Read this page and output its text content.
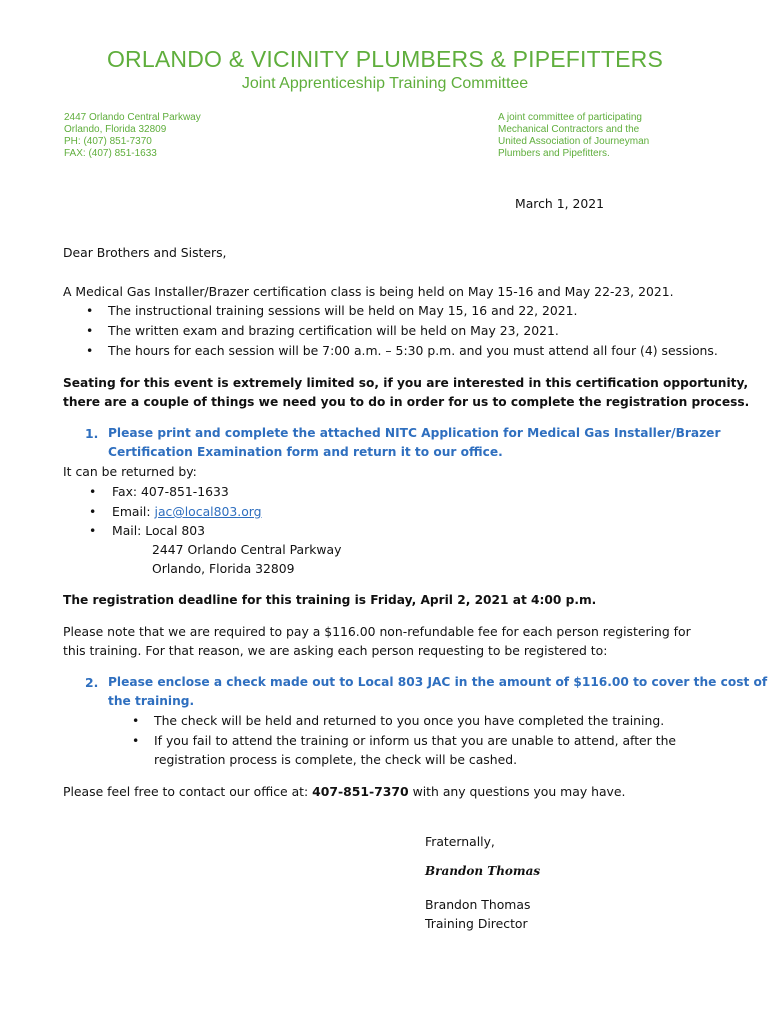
ORLANDO & VICINITY PLUMBERS & PIPEFITTERS
Joint Apprenticeship Training Committee
2447 Orlando Central Parkway
Orlando, Florida 32809
PH: (407) 851-7370
FAX: (407) 851-1633
A joint committee of participating
Mechanical Contractors and the
United Association of Journeyman
Plumbers and Pipefitters.
March 1, 2021
Dear Brothers and Sisters,
A Medical Gas Installer/Brazer certification class is being held on May 15-16 and May 22-23, 2021.
• The instructional training sessions will be held on May 15, 16 and 22, 2021.
• The written exam and brazing certification will be held on May 23, 2021.
• The hours for each session will be 7:00 a.m. – 5:30 p.m. and you must attend all four (4) sessions.
Seating for this event is extremely limited so, if you are interested in this certification opportunity,
there are a couple of things we need you to do in order for us to complete the registration process.
1. Please print and complete the attached NITC Application for Medical Gas Installer/Brazer
Certification Examination form and return it to our office.
It can be returned by:
• Fax: 407-851-1633
• Email: jac@local803.org
• Mail: Local 803
2447 Orlando Central Parkway
Orlando, Florida 32809
The registration deadline for this training is Friday, April 2, 2021 at 4:00 p.m.
Please note that we are required to pay a $116.00 non-refundable fee for each person registering for
this training. For that reason, we are asking each person requesting to be registered to:
2. Please enclose a check made out to Local 803 JAC in the amount of $116.00 to cover the cost of
the training.
• The check will be held and returned to you once you have completed the training.
• If you fail to attend the training or inform us that you are unable to attend, after the
registration process is complete, the check will be cashed.
Please feel free to contact our office at: 407-851-7370 with any questions you may have.
Fraternally,
Brandon Thomas
Brandon Thomas
Training Director
